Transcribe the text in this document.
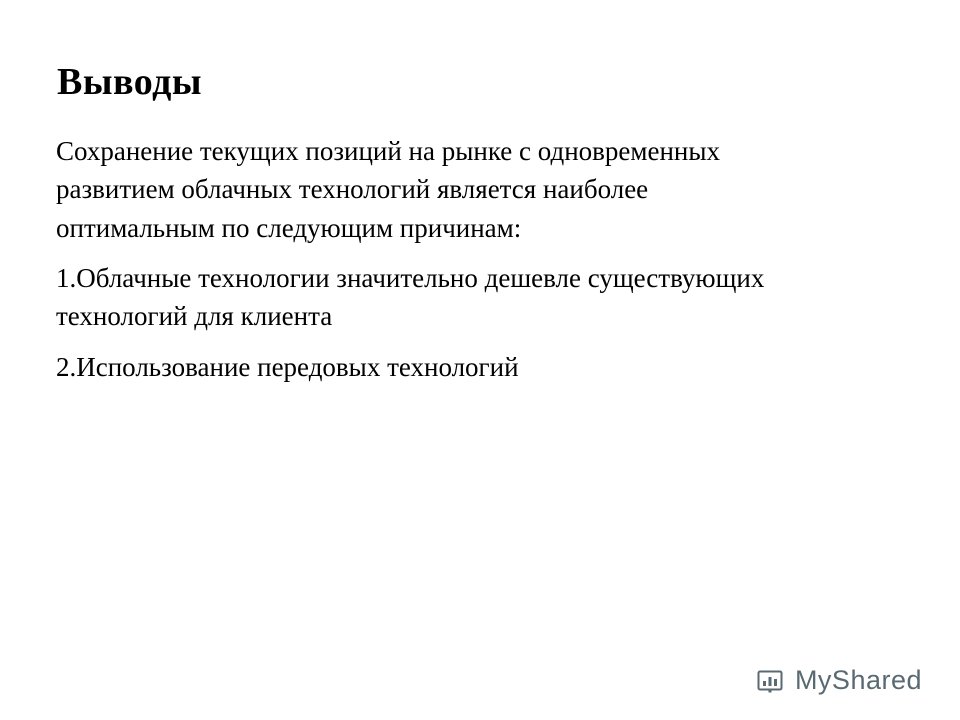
Выводы

Сохранение текущих позиций на рынке с одновременных развитием облачных технологий является наиболее оптимальным по следующим причинам:

1.Облачные технологии значительно дешевле существующих технологий для клиента

2.Использование передовых технологий

MyShared
